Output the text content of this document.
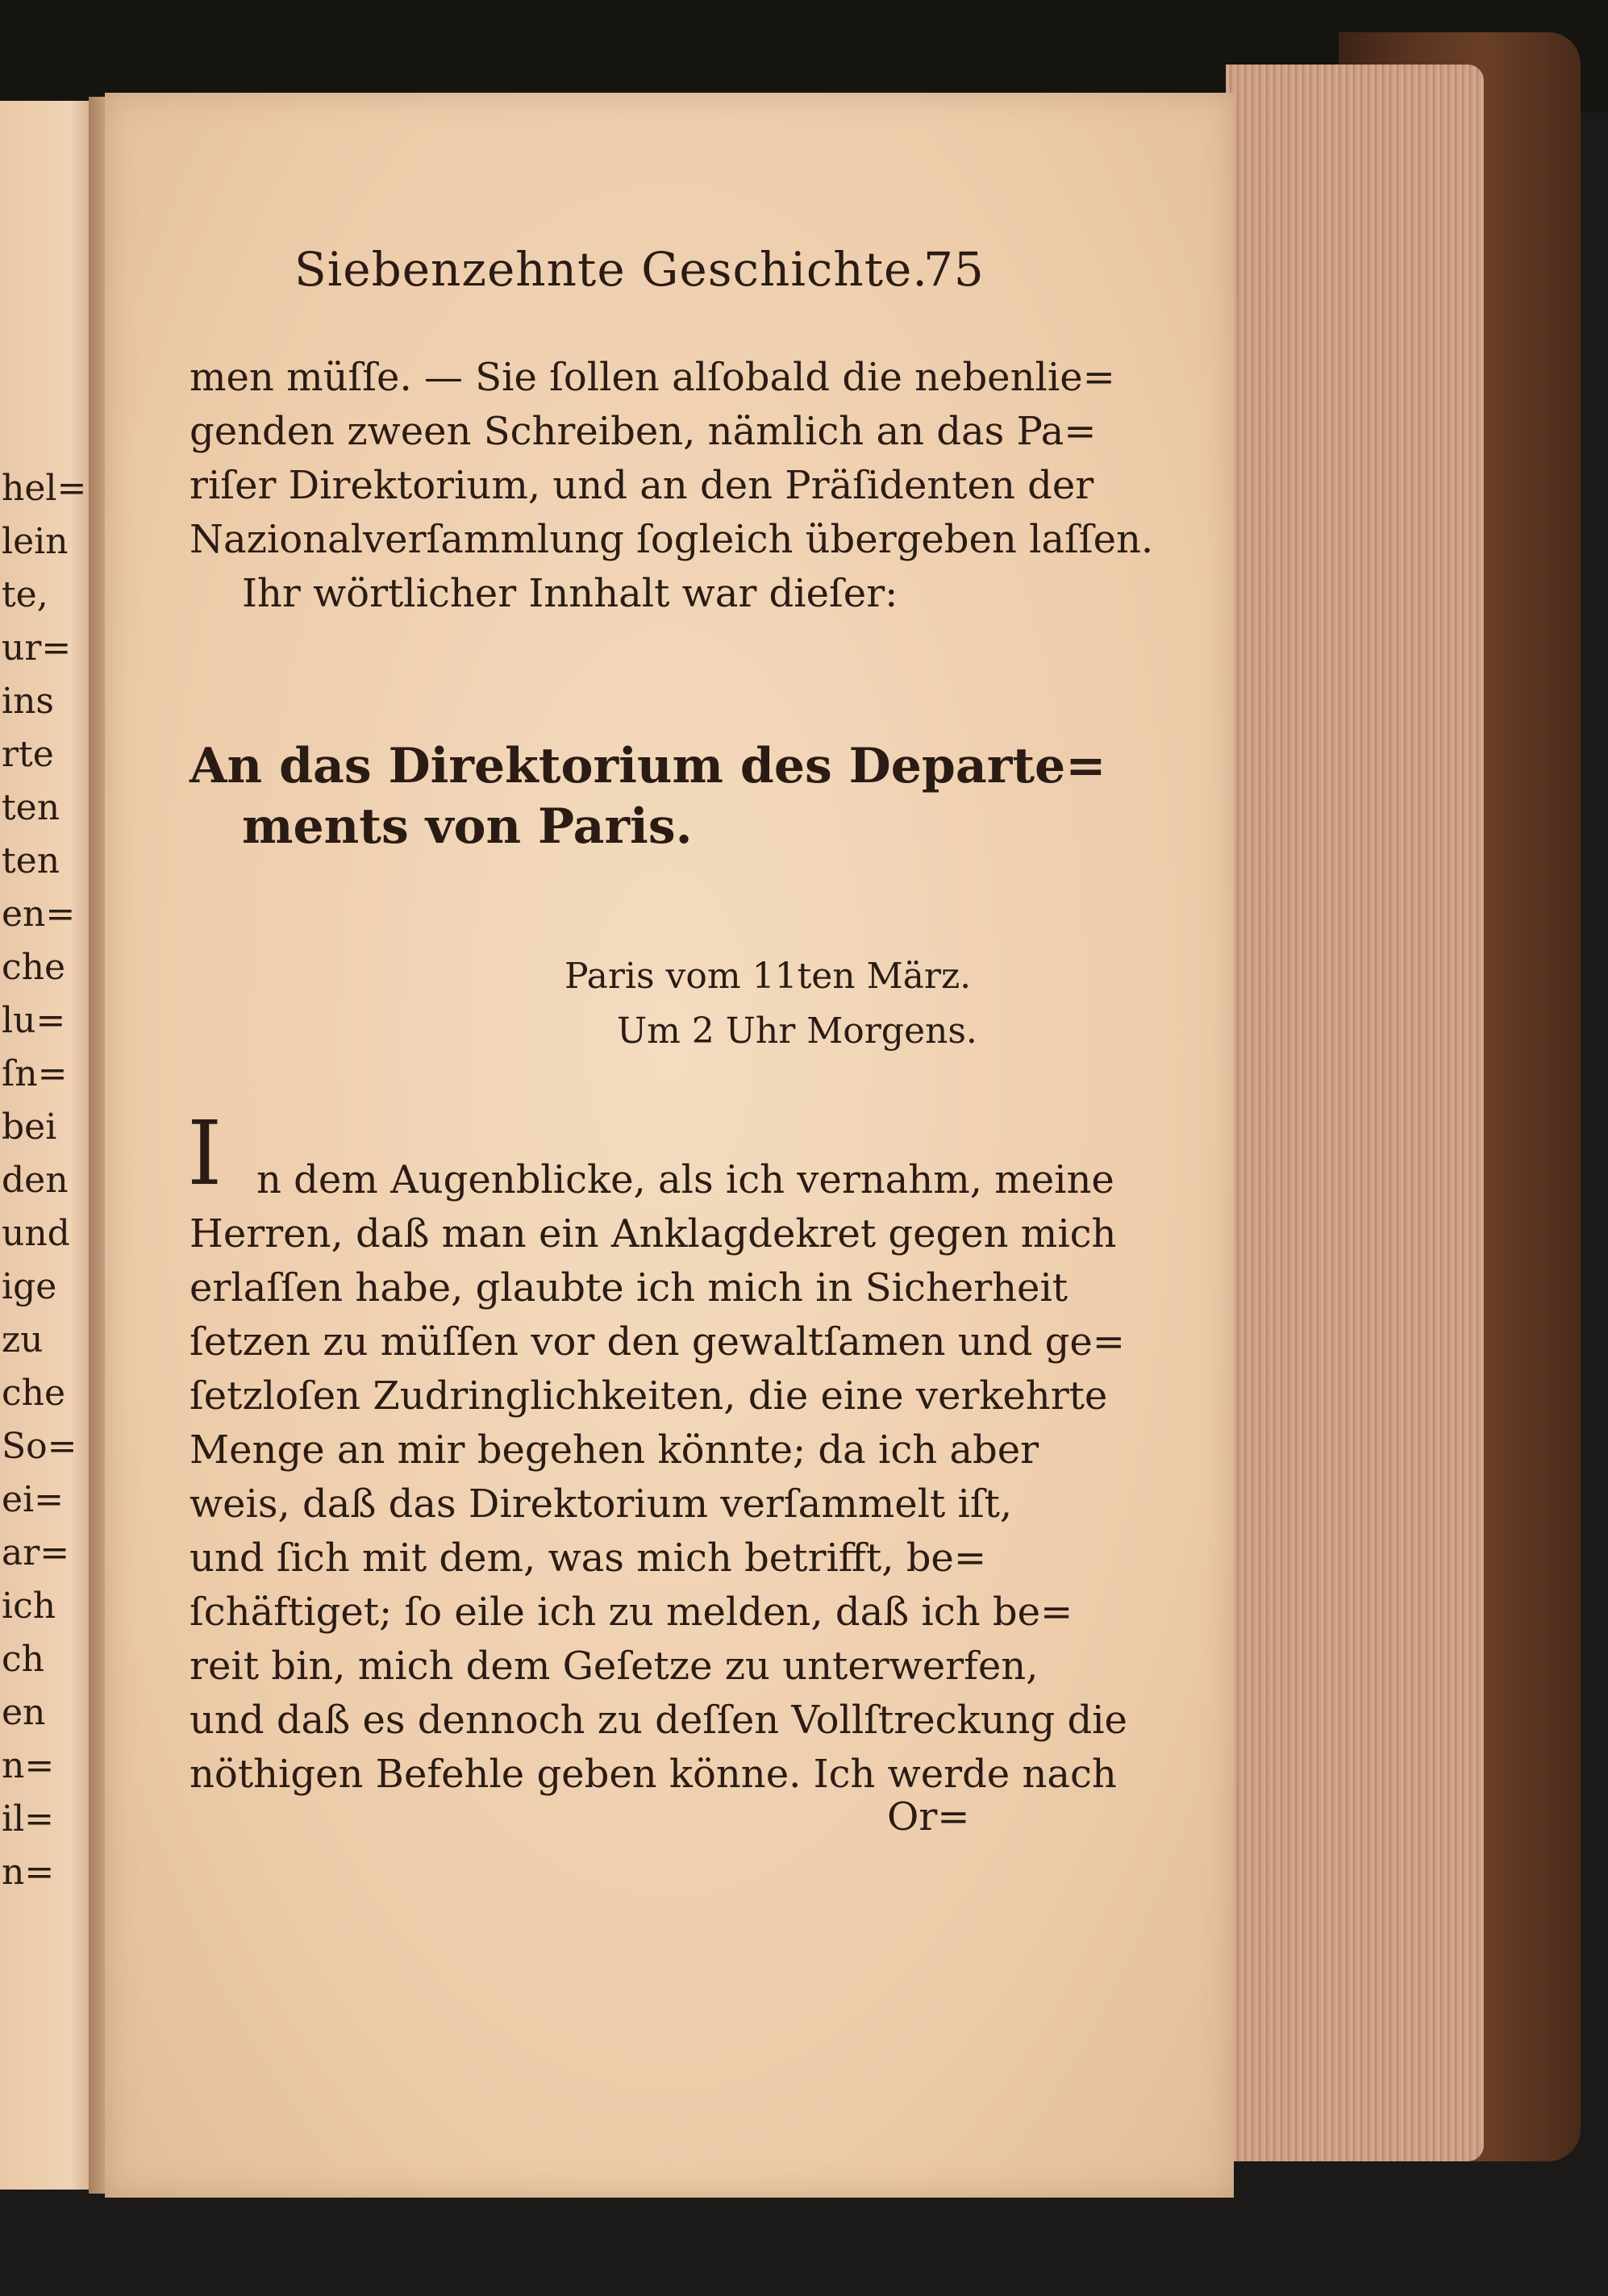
hel=
lein
te,
ur=
ins
rte
ten
ten
en=
che
lu=
ſn=
bei
den
und
ige
zu
che
So=
ei=
ar=
ich
ch
en
n=
il=
n=
Siebenzehnte Geschichte.
75
men müſſe. — Sie ſollen alſobald die nebenlie=
genden zween Schreiben, nämlich an das Pa=
riſer Direktorium, und an den Präſidenten der
Nazionalverſammlung ſogleich übergeben laſſen.
Ihr wörtlicher Innhalt war dieſer:
An das Direktorium des Departe=
ments von Paris.
Paris vom 11ten März.
Um 2 Uhr Morgens.
I n dem Augenblicke, als ich vernahm, meine
Herren, daß man ein Anklagdekret gegen mich
erlaſſen habe, glaubte ich mich in Sicherheit
ſetzen zu müſſen vor den gewaltſamen und ge=
ſetzloſen Zudringlichkeiten, die eine verkehrte
Menge an mir begehen könnte; da ich aber
weis, daß das Direktorium verſammelt iſt,
und ſich mit dem, was mich betrifft, be=
ſchäftiget; ſo eile ich zu melden, daß ich be=
reit bin, mich dem Geſetze zu unterwerfen,
und daß es dennoch zu deſſen Vollſtreckung die
nöthigen Befehle geben könne. Ich werde nach
Or=
